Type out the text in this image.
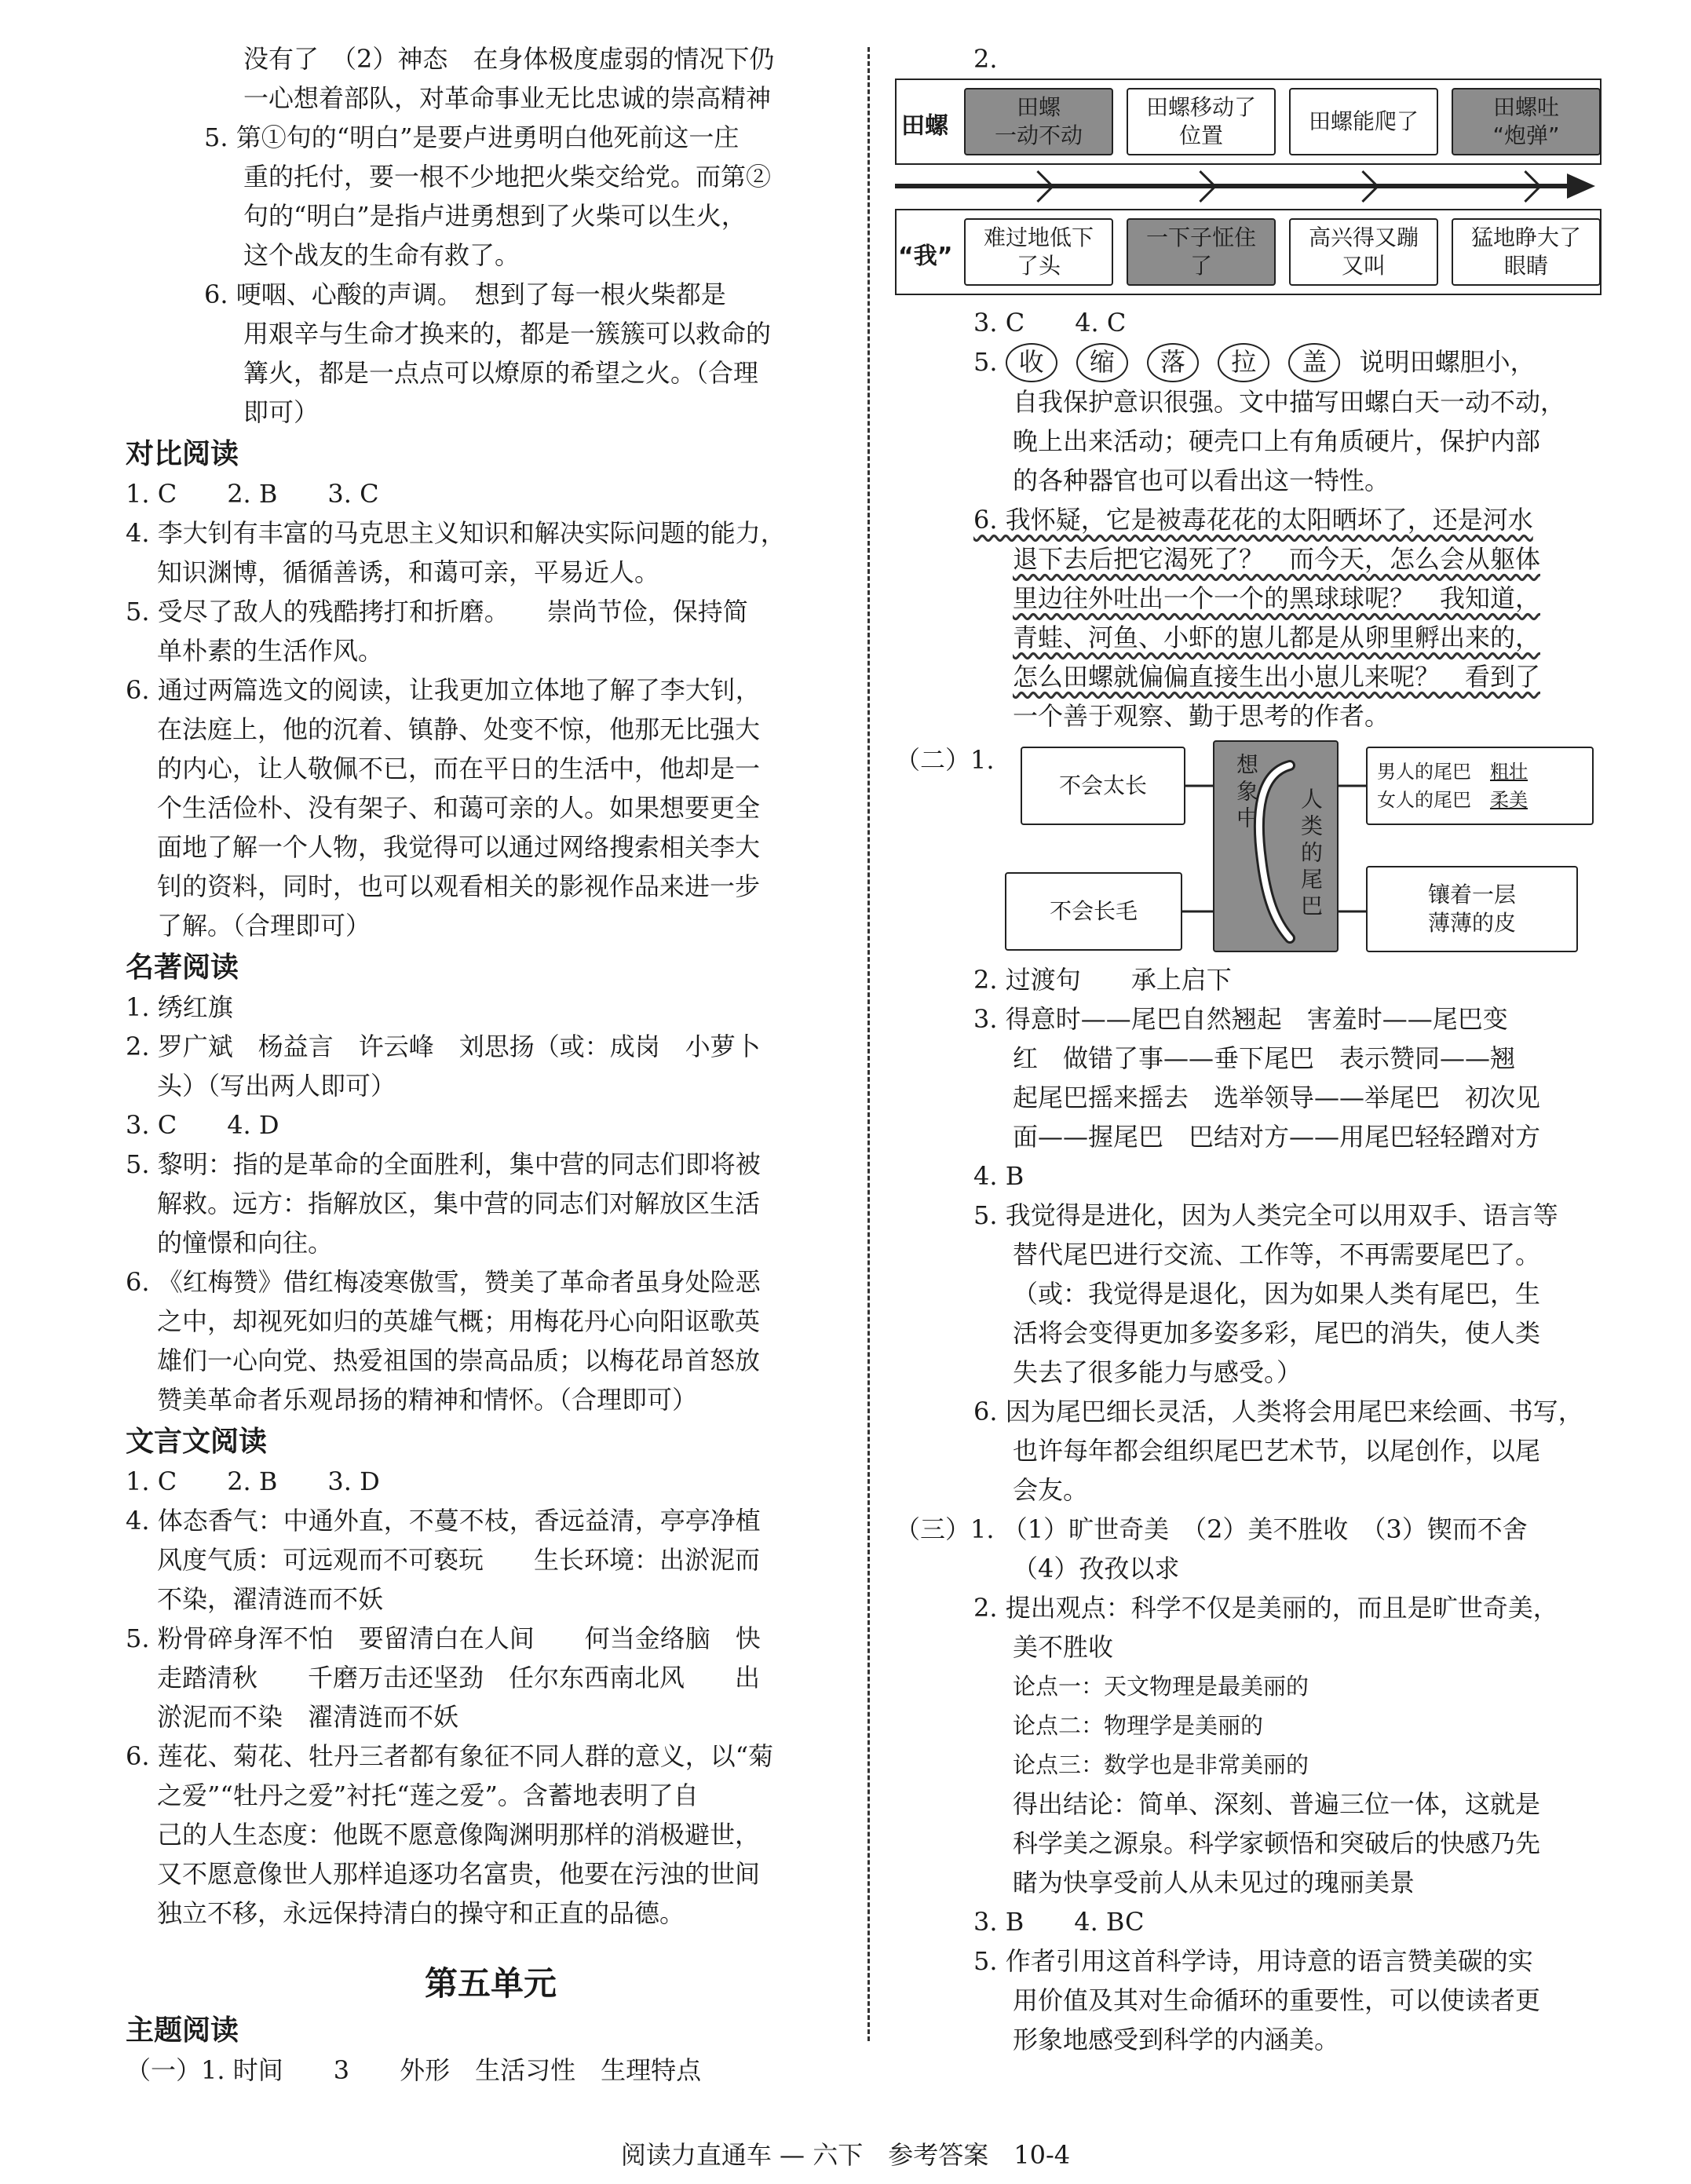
没有了　（2）神态　在身体极度虚弱的情况下仍
一心想着部队，对革命事业无比忠诚的崇高精神
5. 第①句的“明白”是要卢进勇明白他死前这一庄
重的托付，要一根不少地把火柴交给党。而第②
句的“明白”是指卢进勇想到了火柴可以生火，
这个战友的生命有救了。
6. 哽咽、心酸的声调。　想到了每一根火柴都是
用艰辛与生命才换来的，都是一簇簇可以救命的
篝火，都是一点点可以燎原的希望之火。（合理
即可）
对比阅读
1. C　　2. B　　3. C
4. 李大钊有丰富的马克思主义知识和解决实际问题的能力，
知识渊博，循循善诱，和蔼可亲，平易近人。
5. 受尽了敌人的残酷拷打和折磨。　　崇尚节俭，保持简
单朴素的生活作风。
6. 通过两篇选文的阅读，让我更加立体地了解了李大钊，
在法庭上，他的沉着、镇静、处变不惊，他那无比强大
的内心，让人敬佩不已，而在平日的生活中，他却是一
个生活俭朴、没有架子、和蔼可亲的人。如果想要更全
面地了解一个人物，我觉得可以通过网络搜索相关李大
钊的资料，同时，也可以观看相关的影视作品来进一步
了解。（合理即可）
名著阅读
1. 绣红旗
2. 罗广斌　杨益言　许云峰　刘思扬（或：成岗　小萝卜
头）（写出两人即可）
3. C　　4. D
5. 黎明：指的是革命的全面胜利，集中营的同志们即将被
解救。远方：指解放区，集中营的同志们对解放区生活
的憧憬和向往。
6. 《红梅赞》借红梅凌寒傲雪，赞美了革命者虽身处险恶
之中，却视死如归的英雄气概；用梅花丹心向阳讴歌英
雄们一心向党、热爱祖国的崇高品质；以梅花昂首怒放
赞美革命者乐观昂扬的精神和情怀。（合理即可）
文言文阅读
1. C　　2. B　　3. D
4. 体态香气：中通外直，不蔓不枝，香远益清，亭亭净植
风度气质：可远观而不可亵玩　　生长环境：出淤泥而
不染，濯清涟而不妖
5. 粉骨碎身浑不怕　要留清白在人间　　何当金络脑　快
走踏清秋　　千磨万击还坚劲　任尔东西南北风　　出
淤泥而不染　濯清涟而不妖
6. 莲花、菊花、牡丹三者都有象征不同人群的意义，以“菊
之爱”“牡丹之爱”衬托“莲之爱”。含蓄地表明了自
己的人生态度：他既不愿意像陶渊明那样的消极避世，
又不愿意像世人那样追逐功名富贵，他要在污浊的世间
独立不移，永远保持清白的操守和正直的品德。
第五单元
主题阅读
（一）1. 时间　　3　　外形　生活习性　生理特点
2.
田螺
田螺
一动不动
田螺移动了
位置
田螺能爬了
田螺吐
“炮弹”
“我”
难过地低下
了头
一下子怔住
了
高兴得又蹦
又叫
猛地睁大了
眼睛
3. C　　4. C
5. 收 缩 落 拉 盖 说明田螺胆小，
自我保护意识很强。文中描写田螺白天一动不动，
晚上出来活动；硬壳口上有角质硬片，保护内部
的各种器官也可以看出这一特性。
6. 我怀疑，它是被毒花花的太阳晒坏了，还是河水
退下去后把它渴死了？　而今天，怎么会从躯体
里边往外吐出一个一个的黑球球呢？　我知道，
青蛙、河鱼、小虾的崽儿都是从卵里孵出来的，
怎么田螺就偏偏直接生出小崽儿来呢？　看到了
一个善于观察、勤于思考的作者。
（二）1.
不会太长
不会长毛
想象中 人类的尾巴
男人的尾巴　 粗壮
女人的尾巴　 柔美
镶着一层
薄薄的皮
2. 过渡句　　承上启下
3. 得意时——尾巴自然翘起　害羞时——尾巴变
红　做错了事——垂下尾巴　表示赞同——翘
起尾巴摇来摇去　选举领导——举尾巴　初次见
面——握尾巴　巴结对方——用尾巴轻轻蹭对方
4. B
5. 我觉得是进化，因为人类完全可以用双手、语言等
替代尾巴进行交流、工作等，不再需要尾巴了。
（或：我觉得是退化，因为如果人类有尾巴，生
活将会变得更加多姿多彩，尾巴的消失，使人类
失去了很多能力与感受。）
6. 因为尾巴细长灵活，人类将会用尾巴来绘画、书写，
也许每年都会组织尾巴艺术节，以尾创作，以尾
会友。
（三）1. （1）旷世奇美　（2）美不胜收　（3）锲而不舍
（4）孜孜以求
2. 提出观点：科学不仅是美丽的，而且是旷世奇美，
美不胜收
论点一：天文物理是最美丽的
论点二：物理学是美丽的
论点三：数学也是非常美丽的
得出结论：简单、深刻、普遍三位一体，这就是
科学美之源泉。科学家顿悟和突破后的快感乃先
睹为快享受前人从未见过的瑰丽美景
3. B　　4. BC
5. 作者引用这首科学诗，用诗意的语言赞美碳的实
用价值及其对生命循环的重要性，可以使读者更
形象地感受到科学的内涵美。
阅读力直通车 — 六下　参考答案　10-4
